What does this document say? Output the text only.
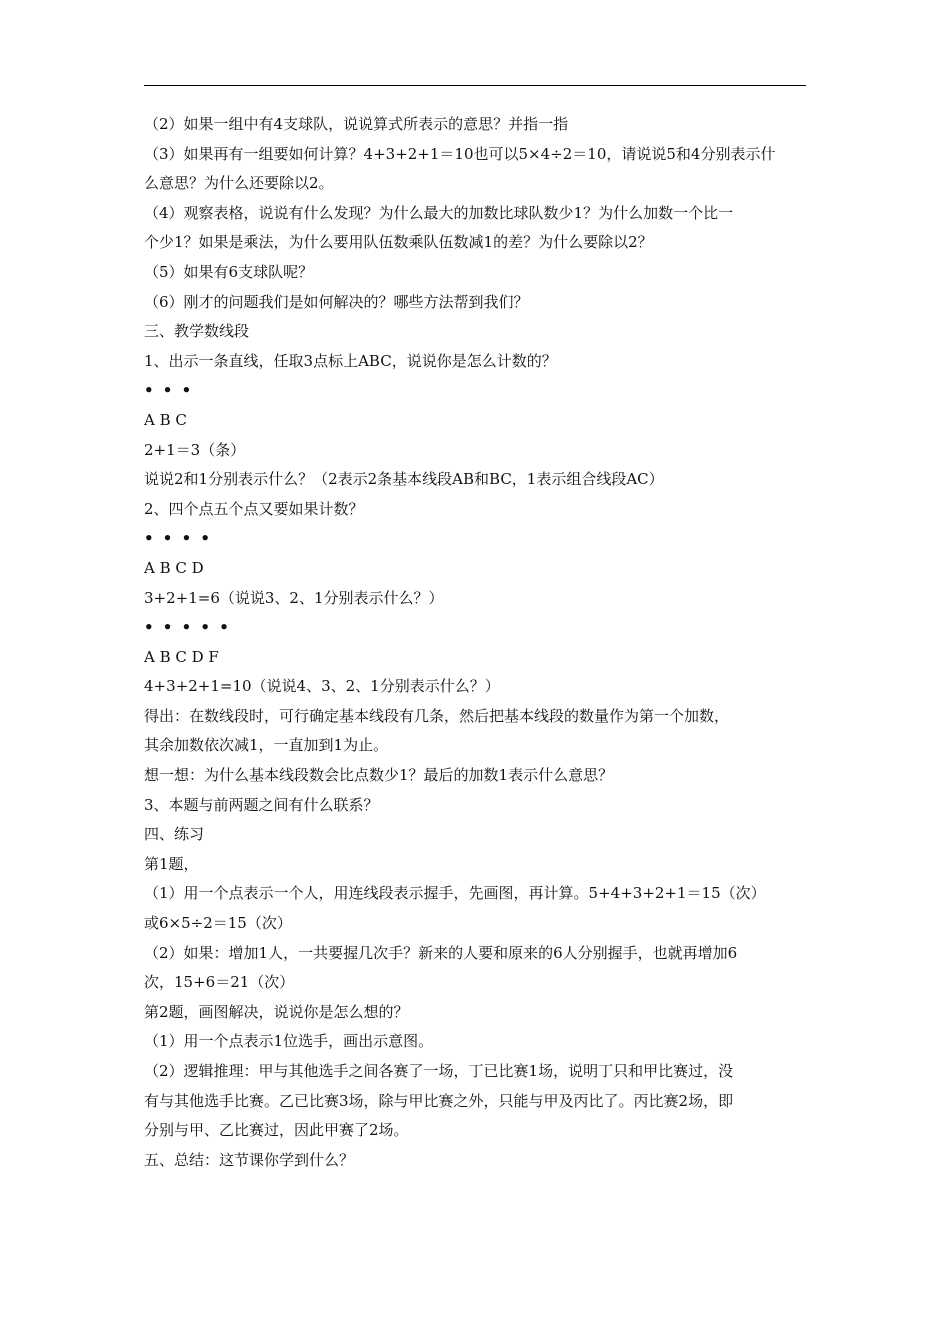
（2）如果一组中有4支球队，说说算式所表示的意思？并指一指
（3）如果再有一组要如何计算？4+3+2+1＝10也可以5×4÷2＝10，请说说5和4分别表示什
么意思？为什么还要除以2。
（4）观察表格，说说有什么发现？为什么最大的加数比球队数少1？为什么加数一个比一
个少1？如果是乘法，为什么要用队伍数乘队伍数减1的差？为什么要除以2？
（5）如果有6支球队呢？
（6）刚才的问题我们是如何解决的？哪些方法帮到我们？
三、教学数线段
1、出示一条直线，任取3点标上ABC，说说你是怎么计数的？
• • •
A B C
2+1＝3（条）
说说2和1分别表示什么？（2表示2条基本线段AB和BC，1表示组合线段AC）
2、四个点五个点又要如果计数？
• • • •
A B C D
3+2+1=6（说说3、2、1分别表示什么？）
• • • • •
A B C D F
4+3+2+1=10（说说4、3、2、1分别表示什么？）
得出：在数线段时，可行确定基本线段有几条，然后把基本线段的数量作为第一个加数，
其余加数依次减1，一直加到1为止。
想一想：为什么基本线段数会比点数少1？最后的加数1表示什么意思？
3、本题与前两题之间有什么联系？
四、练习
第1题，
（1）用一个点表示一个人，用连线段表示握手，先画图，再计算。5+4+3+2+1＝15（次）
或6×5÷2＝15（次）
（2）如果：增加1人，一共要握几次手？新来的人要和原来的6人分别握手，也就再增加6
次，15+6＝21（次）
第2题，画图解决，说说你是怎么想的？
（1）用一个点表示1位选手，画出示意图。
（2）逻辑推理：甲与其他选手之间各赛了一场，丁已比赛1场，说明丁只和甲比赛过，没
有与其他选手比赛。乙已比赛3场，除与甲比赛之外，只能与甲及丙比了。丙比赛2场，即
分别与甲、乙比赛过，因此甲赛了2场。
五、总结：这节课你学到什么？
